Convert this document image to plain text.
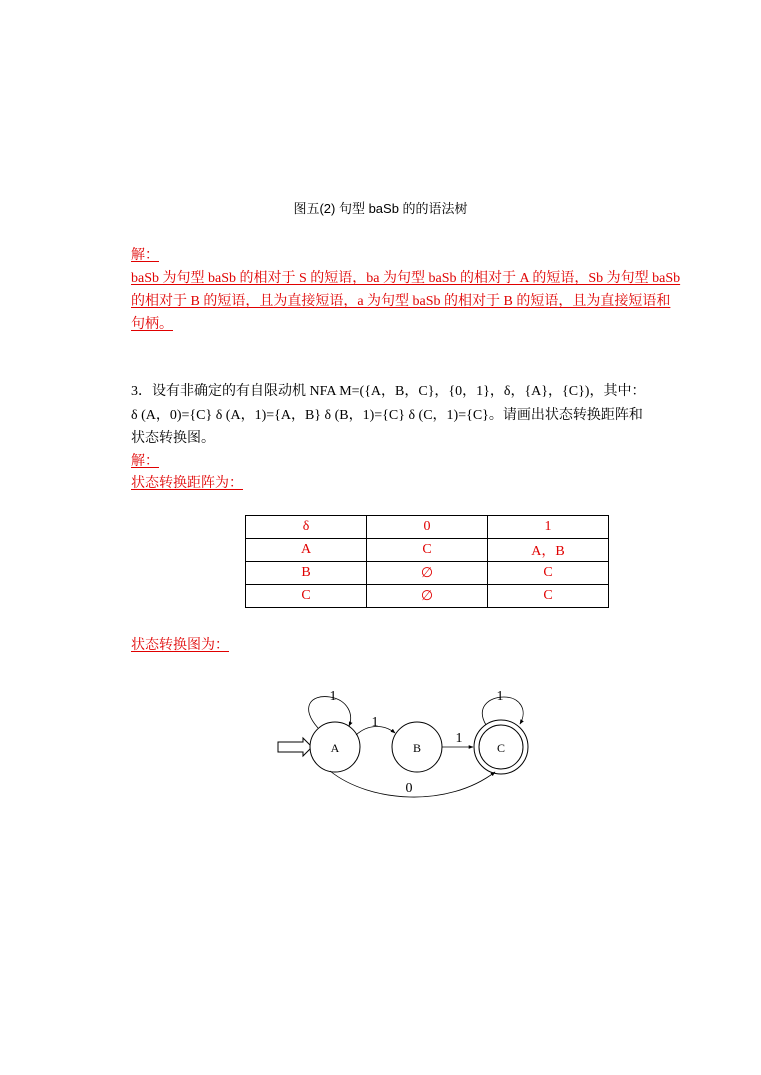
图五(2) 句型 baSb 的的语法树
解：
baSb 为句型 baSb 的相对于 S 的短语，ba 为句型 baSb 的相对于 A 的短语，Sb 为句型 baSb
的相对于 B 的短语，且为直接短语，a 为句型 baSb 的相对于 B 的短语，且为直接短语和
句柄。
3．设有非确定的有自限动机 NFA M=({A，B，C}，{0，1}，δ，{A}，{C})，其中：
δ (A，0)={C} δ (A，1)={A，B} δ (B，1)={C} δ (C，1)={C}。请画出状态转换距阵和
状态转换图。
解：
状态转换距阵为：
δ	0	1
A	C	A，B
B	∅	C
C	∅	C
状态转换图为：
A	B	C
1
1
1
1
0
